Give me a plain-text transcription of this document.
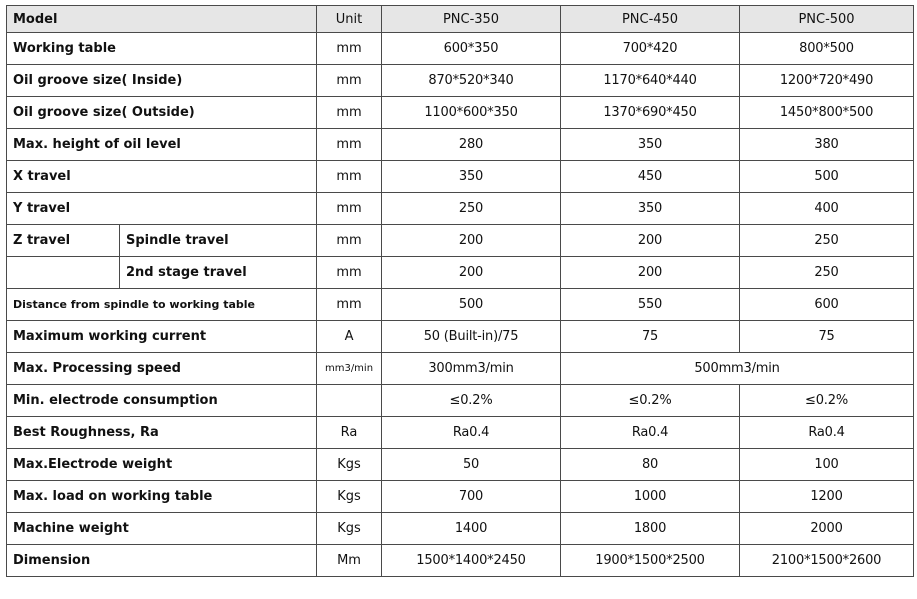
Model		Unit	PNC-350	PNC-450	PNC-500
Working table		mm	600*350	700*420	800*500
Oil groove size( Inside)		mm	870*520*340	1170*640*440	1200*720*490
Oil groove size( Outside)		mm	1100*600*350	1370*690*450	1450*800*500
Max. height of oil level		mm	280	350	380
X travel		mm	350	450	500
Y travel		mm	250	350	400
Z travel	Spindle travel	mm	200	200	250
	2nd stage travel	mm	200	200	250
Distance from spindle to working table		mm	500	550	600
Maximum working current		A	50 (Built-in)/75	75	75
Max. Processing speed		mm3/min	300mm3/min	500mm3/min	
Min. electrode consumption			≤0.2%	≤0.2%	≤0.2%
Best Roughness, Ra		Ra	Ra0.4	Ra0.4	Ra0.4
Max.Electrode weight		Kgs	50	80	100
Max. load on working table		Kgs	700	1000	1200
Machine weight		Kgs	1400	1800	2000
Dimension		Mm	1500*1400*2450	1900*1500*2500	2100*1500*2600
